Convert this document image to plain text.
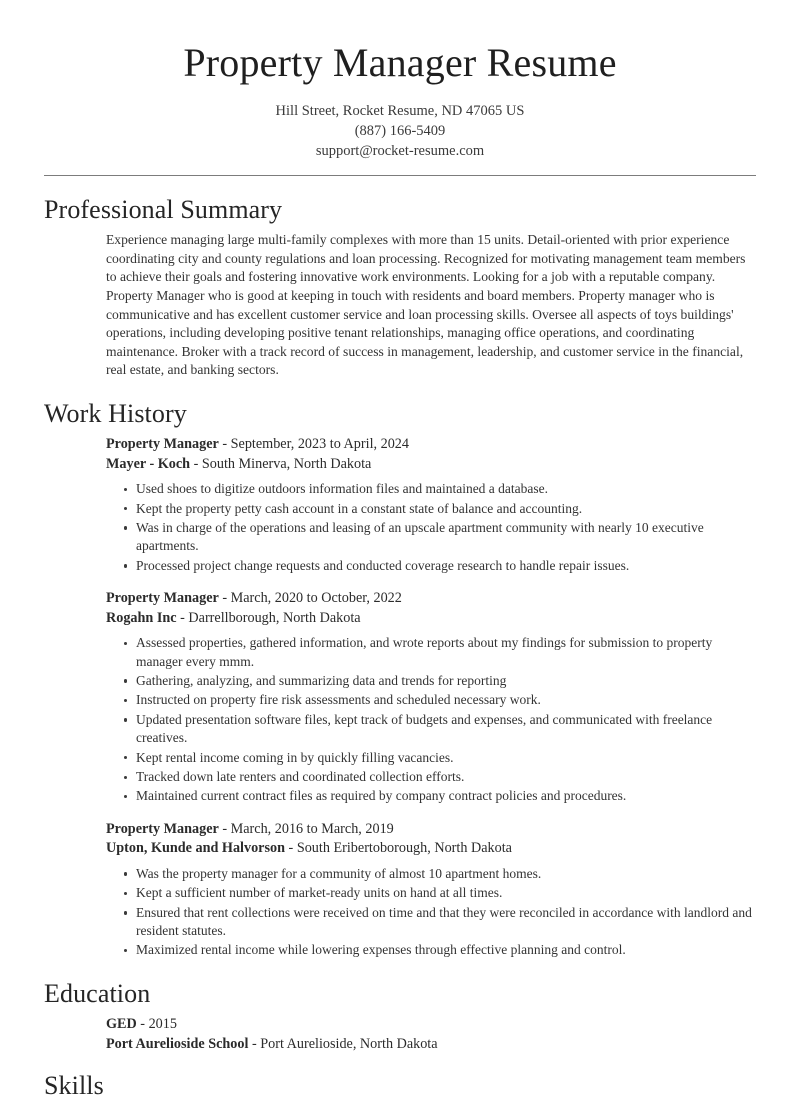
Property Manager Resume
Hill Street, Rocket Resume, ND 47065 US
(887) 166-5409
support@rocket-resume.com
Professional Summary

Experience managing large multi-family complexes with more than 15 units. Detail-oriented with prior experience coordinating city and county regulations and loan processing. Recognized for motivating management team members to achieve their goals and fostering innovative work environments. Looking for a job with a reputable company. Property Manager who is good at keeping in touch with residents and board members. Property manager who is communicative and has excellent customer service and loan processing skills. Oversee all aspects of toys buildings' operations, including developing positive tenant relationships, managing office operations, and coordinating maintenance. Broker with a track record of success in management, leadership, and customer service in the financial, real estate, and banking sectors.

Work History
Property Manager - September, 2023 to April, 2024
Mayer - Koch - South Minerva, North Dakota
Used shoes to digitize outdoors information files and maintained a database.
Kept the property petty cash account in a constant state of balance and accounting.
Was in charge of the operations and leasing of an upscale apartment community with nearly 10 executive apartments.
Processed project change requests and conducted coverage research to handle repair issues.
Property Manager - March, 2020 to October, 2022
Rogahn Inc - Darrellborough, North Dakota
Assessed properties, gathered information, and wrote reports about my findings for submission to property manager every mmm.
Gathering, analyzing, and summarizing data and trends for reporting
Instructed on property fire risk assessments and scheduled necessary work.
Updated presentation software files, kept track of budgets and expenses, and communicated with freelance creatives.
Kept rental income coming in by quickly filling vacancies.
Tracked down late renters and coordinated collection efforts.
Maintained current contract files as required by company contract policies and procedures.
Property Manager - March, 2016 to March, 2019
Upton, Kunde and Halvorson - South Eribertoborough, North Dakota
Was the property manager for a community of almost 10 apartment homes.
Kept a sufficient number of market-ready units on hand at all times.
Ensured that rent collections were received on time and that they were reconciled in accordance with landlord and resident statutes.
Maximized rental income while lowering expenses through effective planning and control.
Education
GED - 2015
Port Aurelioside School - Port Aurelioside, North Dakota
Skills
